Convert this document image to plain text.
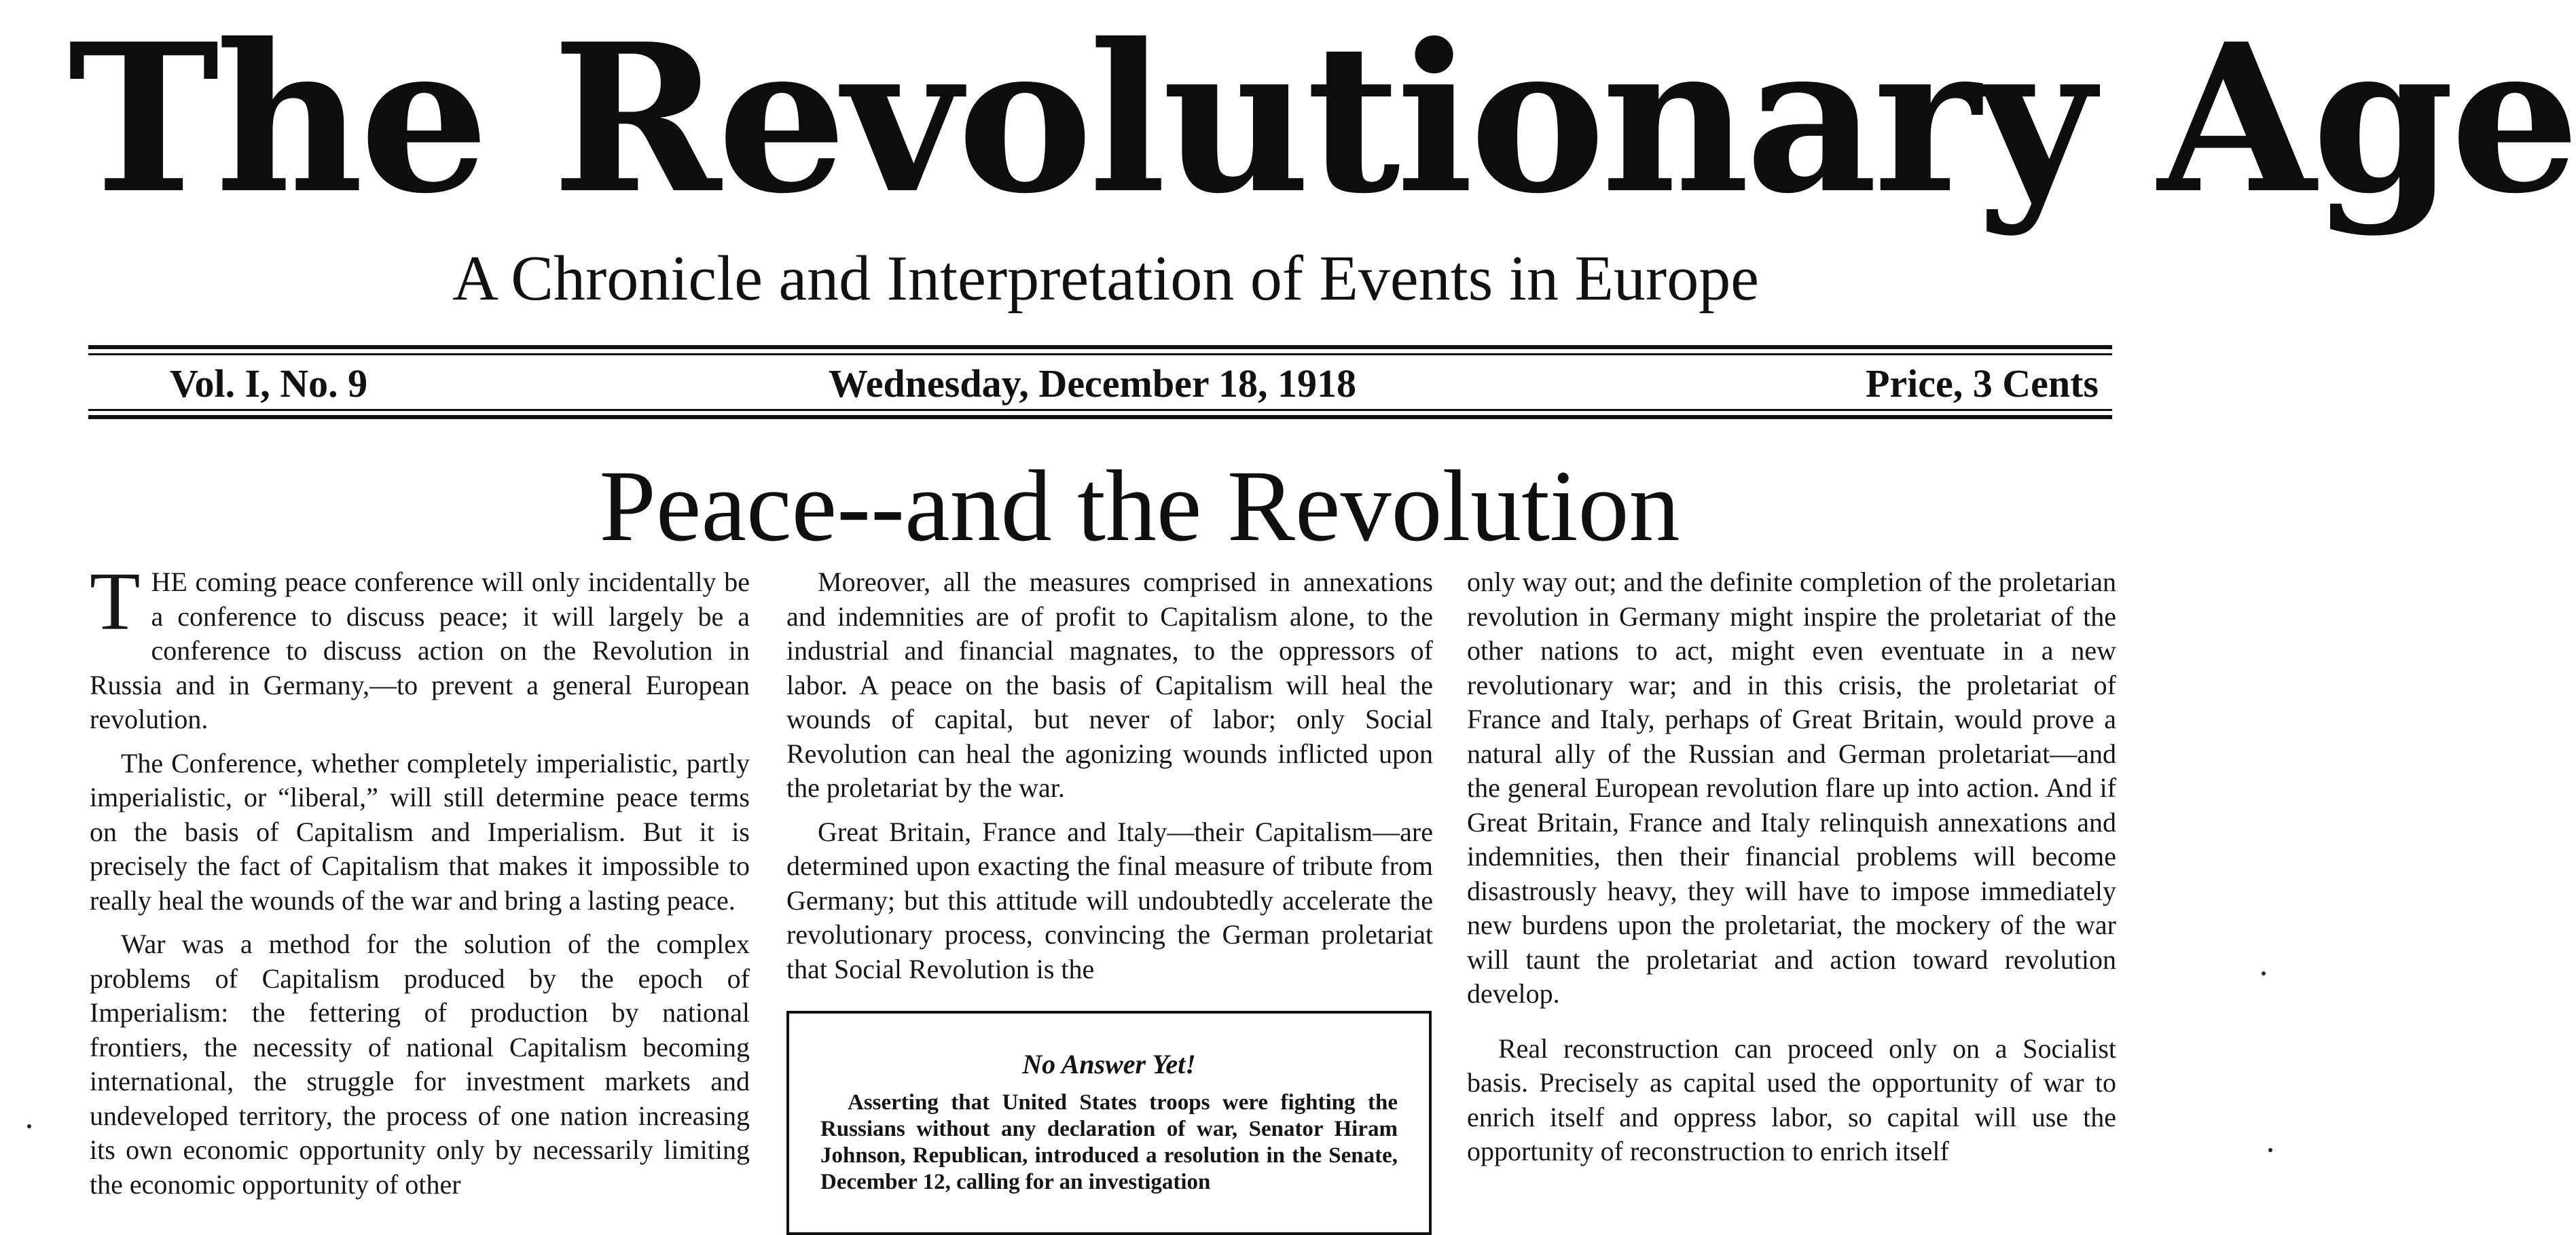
The Revolutionary Age
A Chronicle and Interpretation of Events in Europe
Vol. I, No. 9	Wednesday, December 18, 1918	Price, 3 Cents
Peace--and the Revolution

THE coming peace conference will only incidentally be a conference to discuss peace; it will largely be a conference to discuss action on the Revolution in Russia and in Germany,—to prevent a general European revolution.

The Conference, whether completely imperialistic, partly imperialistic, or “liberal,” will still determine peace terms on the basis of Capitalism and Imperialism. But it is precisely the fact of Capitalism that makes it impossible to really heal the wounds of the war and bring a lasting peace.

War was a method for the solution of the complex problems of Capitalism produced by the epoch of Imperialism: the fettering of production by national frontiers, the necessity of national Capitalism becoming international, the struggle for investment markets and undeveloped territory, the process of one nation increasing its own economic opportunity only by necessarily limiting the economic opportunity of other

Moreover, all the measures comprised in annexations and indemnities are of profit to Capitalism alone, to the industrial and financial magnates, to the oppressors of labor. A peace on the basis of Capitalism will heal the wounds of capital, but never of labor; only Social Revolution can heal the agonizing wounds inflicted upon the proletariat by the war.

Great Britain, France and Italy—their Capitalism—are determined upon exacting the final measure of tribute from Germany; but this attitude will undoubtedly accelerate the revolutionary process, convincing the German proletariat that Social Revolution is the

No Answer Yet!
Asserting that United States troops were fighting the Russians without any declaration of war, Senator Hiram Johnson, Republican, introduced a resolution in the Senate, December 12, calling for an investigation

only way out; and the definite completion of the proletarian revolution in Germany might inspire the proletariat of the other nations to act, might even eventuate in a new revolutionary war; and in this crisis, the proletariat of France and Italy, perhaps of Great Britain, would prove a natural ally of the Russian and German proletariat—and the general European revolution flare up into action. And if Great Britain, France and Italy relinquish annexations and indemnities, then their financial problems will become disastrously heavy, they will have to impose immediately new burdens upon the proletariat, the mockery of the war will taunt the proletariat and action toward revolution develop.

Real reconstruction can proceed only on a Socialist basis. Precisely as capital used the opportunity of war to enrich itself and oppress labor, so capital will use the opportunity of reconstruction to enrich itself
